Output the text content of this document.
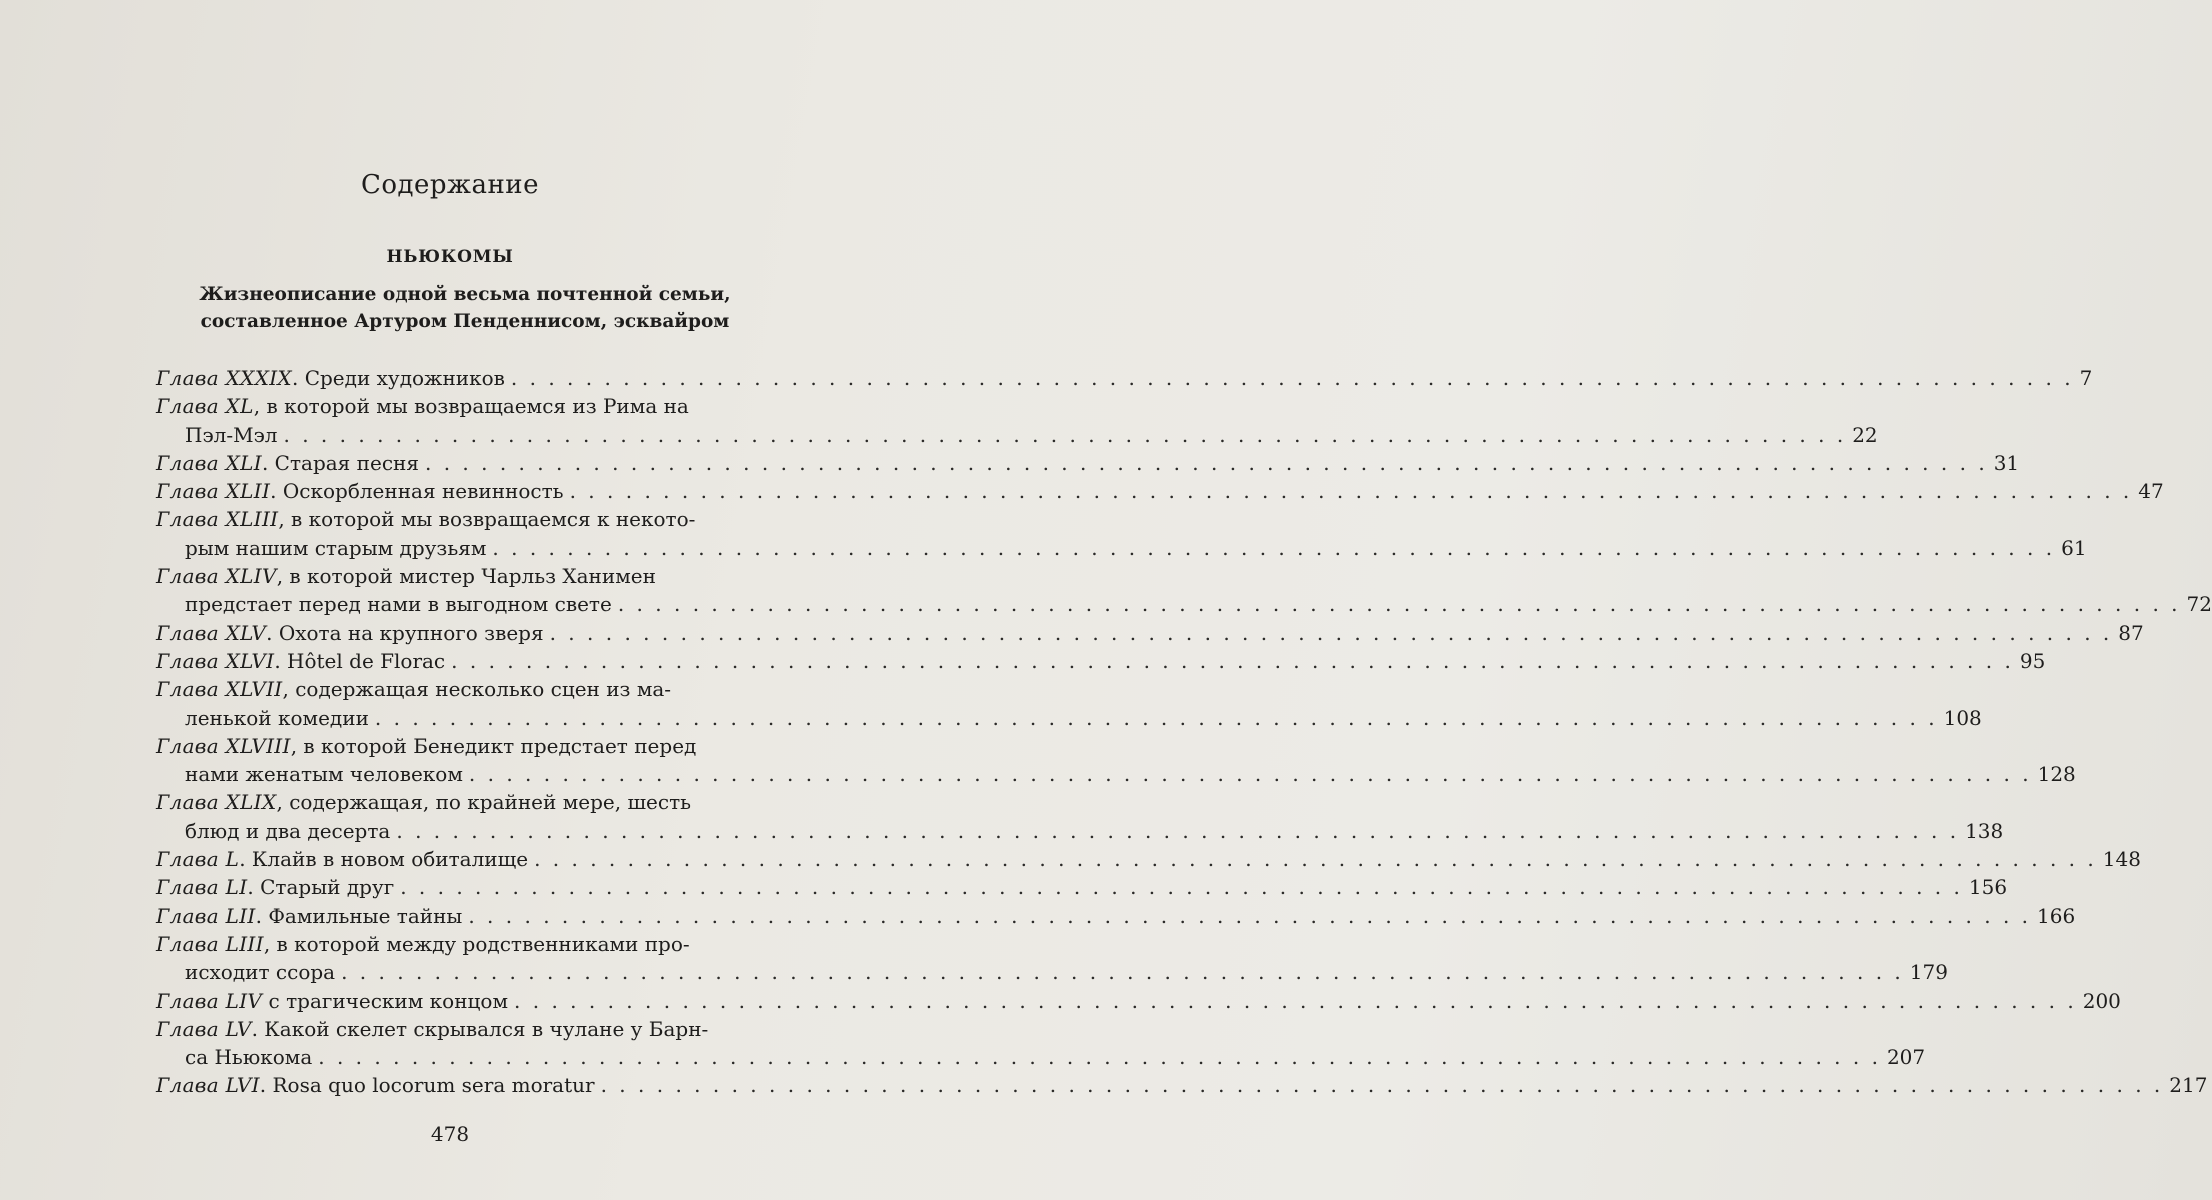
Содержание
НЬЮКОМЫ
Жизнеописание одной весьма почтенной семьи,
составленное Артуром Пенденнисом, эсквайром
Глава XXXIX. Среди художников . . .	7
Глава XL, в которой мы возвращаемся из Рима на
Пэл-Мэл . . .	22
Глава XLI. Старая песня . . .	31
Глава XLII. Оскорбленная невинность . . .	47
Глава XLIII, в которой мы возвращаемся к некото-
рым нашим старым друзьям . . .	61
Глава XLIV, в которой мистер Чарльз Ханимен
предстает перед нами в выгодном свете . . .	72
Глава XLV. Охота на крупного зверя . . .	87
Глава XLVI. Hôtel de Florac . . .	95
Глава XLVII, содержащая несколько сцен из ма-
ленькой комедии . . .	108
Глава XLVIII, в которой Бенедикт предстает перед
нами женатым человеком . . .	128
Глава XLIX, содержащая, по крайней мере, шесть
блюд и два десерта . . .	138
Глава L. Клайв в новом обиталище . . .	148
Глава LI. Старый друг . . .	156
Глава LII. Фамильные тайны . . .	166
Глава LIII, в которой между родственниками про-
исходит ссора . . .	179
Глава LIV с трагическим концом . . .	200
Глава LV. Какой скелет скрывался в чулане у Барн-
са Ньюкома . . .	207
Глава LVI. Rosa quo locorum sera moratur . . .	217
478
